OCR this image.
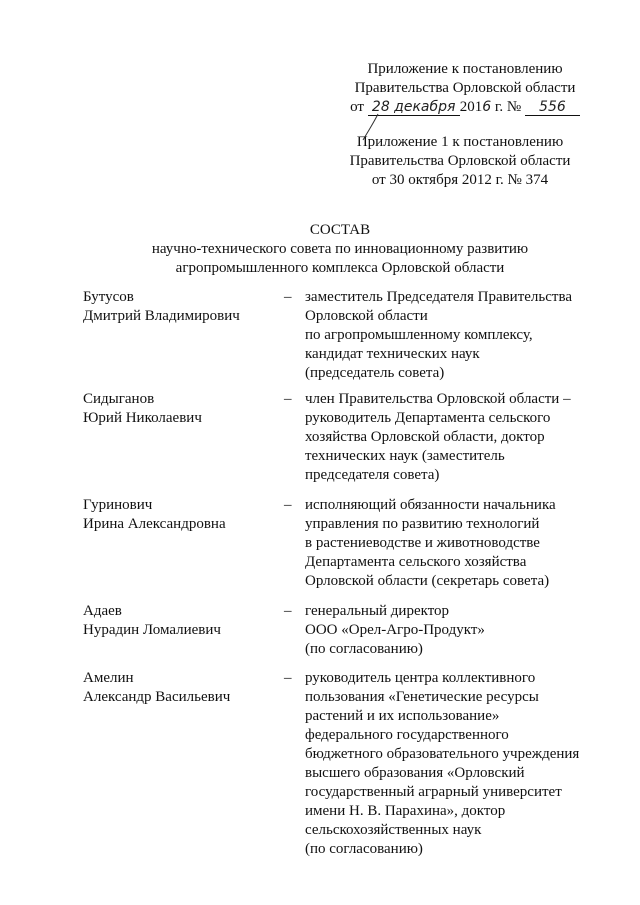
Приложение к постановлению
Правительства Орловской области
от 28 декабря 2016 г. № 556
Приложение 1 к постановлению
Правительства Орловской области
от 30 октября 2012 г. № 374
СОСТАВ
научно-технического совета по инновационному развитию
агропромышленного комплекса Орловской области
Бутусов
Дмитрий Владимирович
– заместитель Председателя Правительства
Орловской области
по агропромышленному комплексу,
кандидат технических наук
(председатель совета)
Сидыганов
Юрий Николаевич
– член Правительства Орловской области –
руководитель Департамента сельского
хозяйства Орловской области, доктор
технических наук (заместитель
председателя совета)
Гуринович
Ирина Александровна
– исполняющий обязанности начальника
управления по развитию технологий
в растениеводстве и животноводстве
Департамента сельского хозяйства
Орловской области (секретарь совета)
Адаев
Нурадин Ломалиевич
– генеральный директор
ООО «Орел-Агро-Продукт»
(по согласованию)
Амелин
Александр Васильевич
– руководитель центра коллективного
пользования «Генетические ресурсы
растений и их использование»
федерального государственного
бюджетного образовательного учреждения
высшего образования «Орловский
государственный аграрный университет
имени Н. В. Парахина», доктор
сельскохозяйственных наук
(по согласованию)
